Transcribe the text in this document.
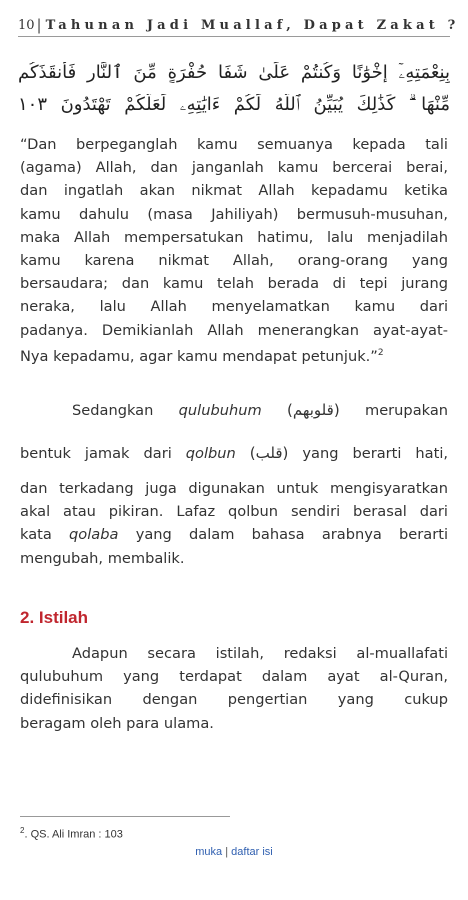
10 | Tahunan Jadi Muallaf, Dapat Zakat ?
بِنِعْمَتِهِۦٓ إِخْوَٰنًا وَكُنتُمْ عَلَىٰ شَفَا حُفْرَةٍ مِّنَ ٱلنَّارِ فَأَنقَذَكُم
مِّنْهَا ۗ كَذَٰلِكَ يُبَيِّنُ ٱللَّهُ لَكُمْ ءَايَٰتِهِۦ لَعَلَّكُمْ تَهْتَدُونَ ١٠٣
“Dan berpeganglah kamu semuanya kepada tali
(agama) Allah, dan janganlah kamu bercerai berai,
dan ingatlah akan nikmat Allah kepadamu ketika
kamu dahulu (masa Jahiliyah) bermusuh-musuhan,
maka Allah mempersatukan hatimu, lalu menjadilah
kamu karena nikmat Allah, orang-orang yang
bersaudara; dan kamu telah berada di tepi jurang
neraka, lalu Allah menyelamatkan kamu dari
padanya. Demikianlah Allah menerangkan ayat-ayat-
Nya kepadamu, agar kamu mendapat petunjuk.”$^2$
Sedangkan qulubuhum (قلوبهم) merupakan
bentuk jamak dari qolbun (قلب) yang berarti hati,
dan terkadang juga digunakan untuk mengisyaratkan
akal atau pikiran. Lafaz qolbun sendiri berasal dari
kata qolaba yang dalam bahasa arabnya berarti
mengubah, membalik.
2. Istilah
Adapun secara istilah, redaksi al-muallafati
qulubuhum yang terdapat dalam ayat al-Quran,
didefinisikan dengan pengertian yang cukup
beragam oleh para ulama.
$^2$. QS. Ali Imran : 103
muka | daftar isi
